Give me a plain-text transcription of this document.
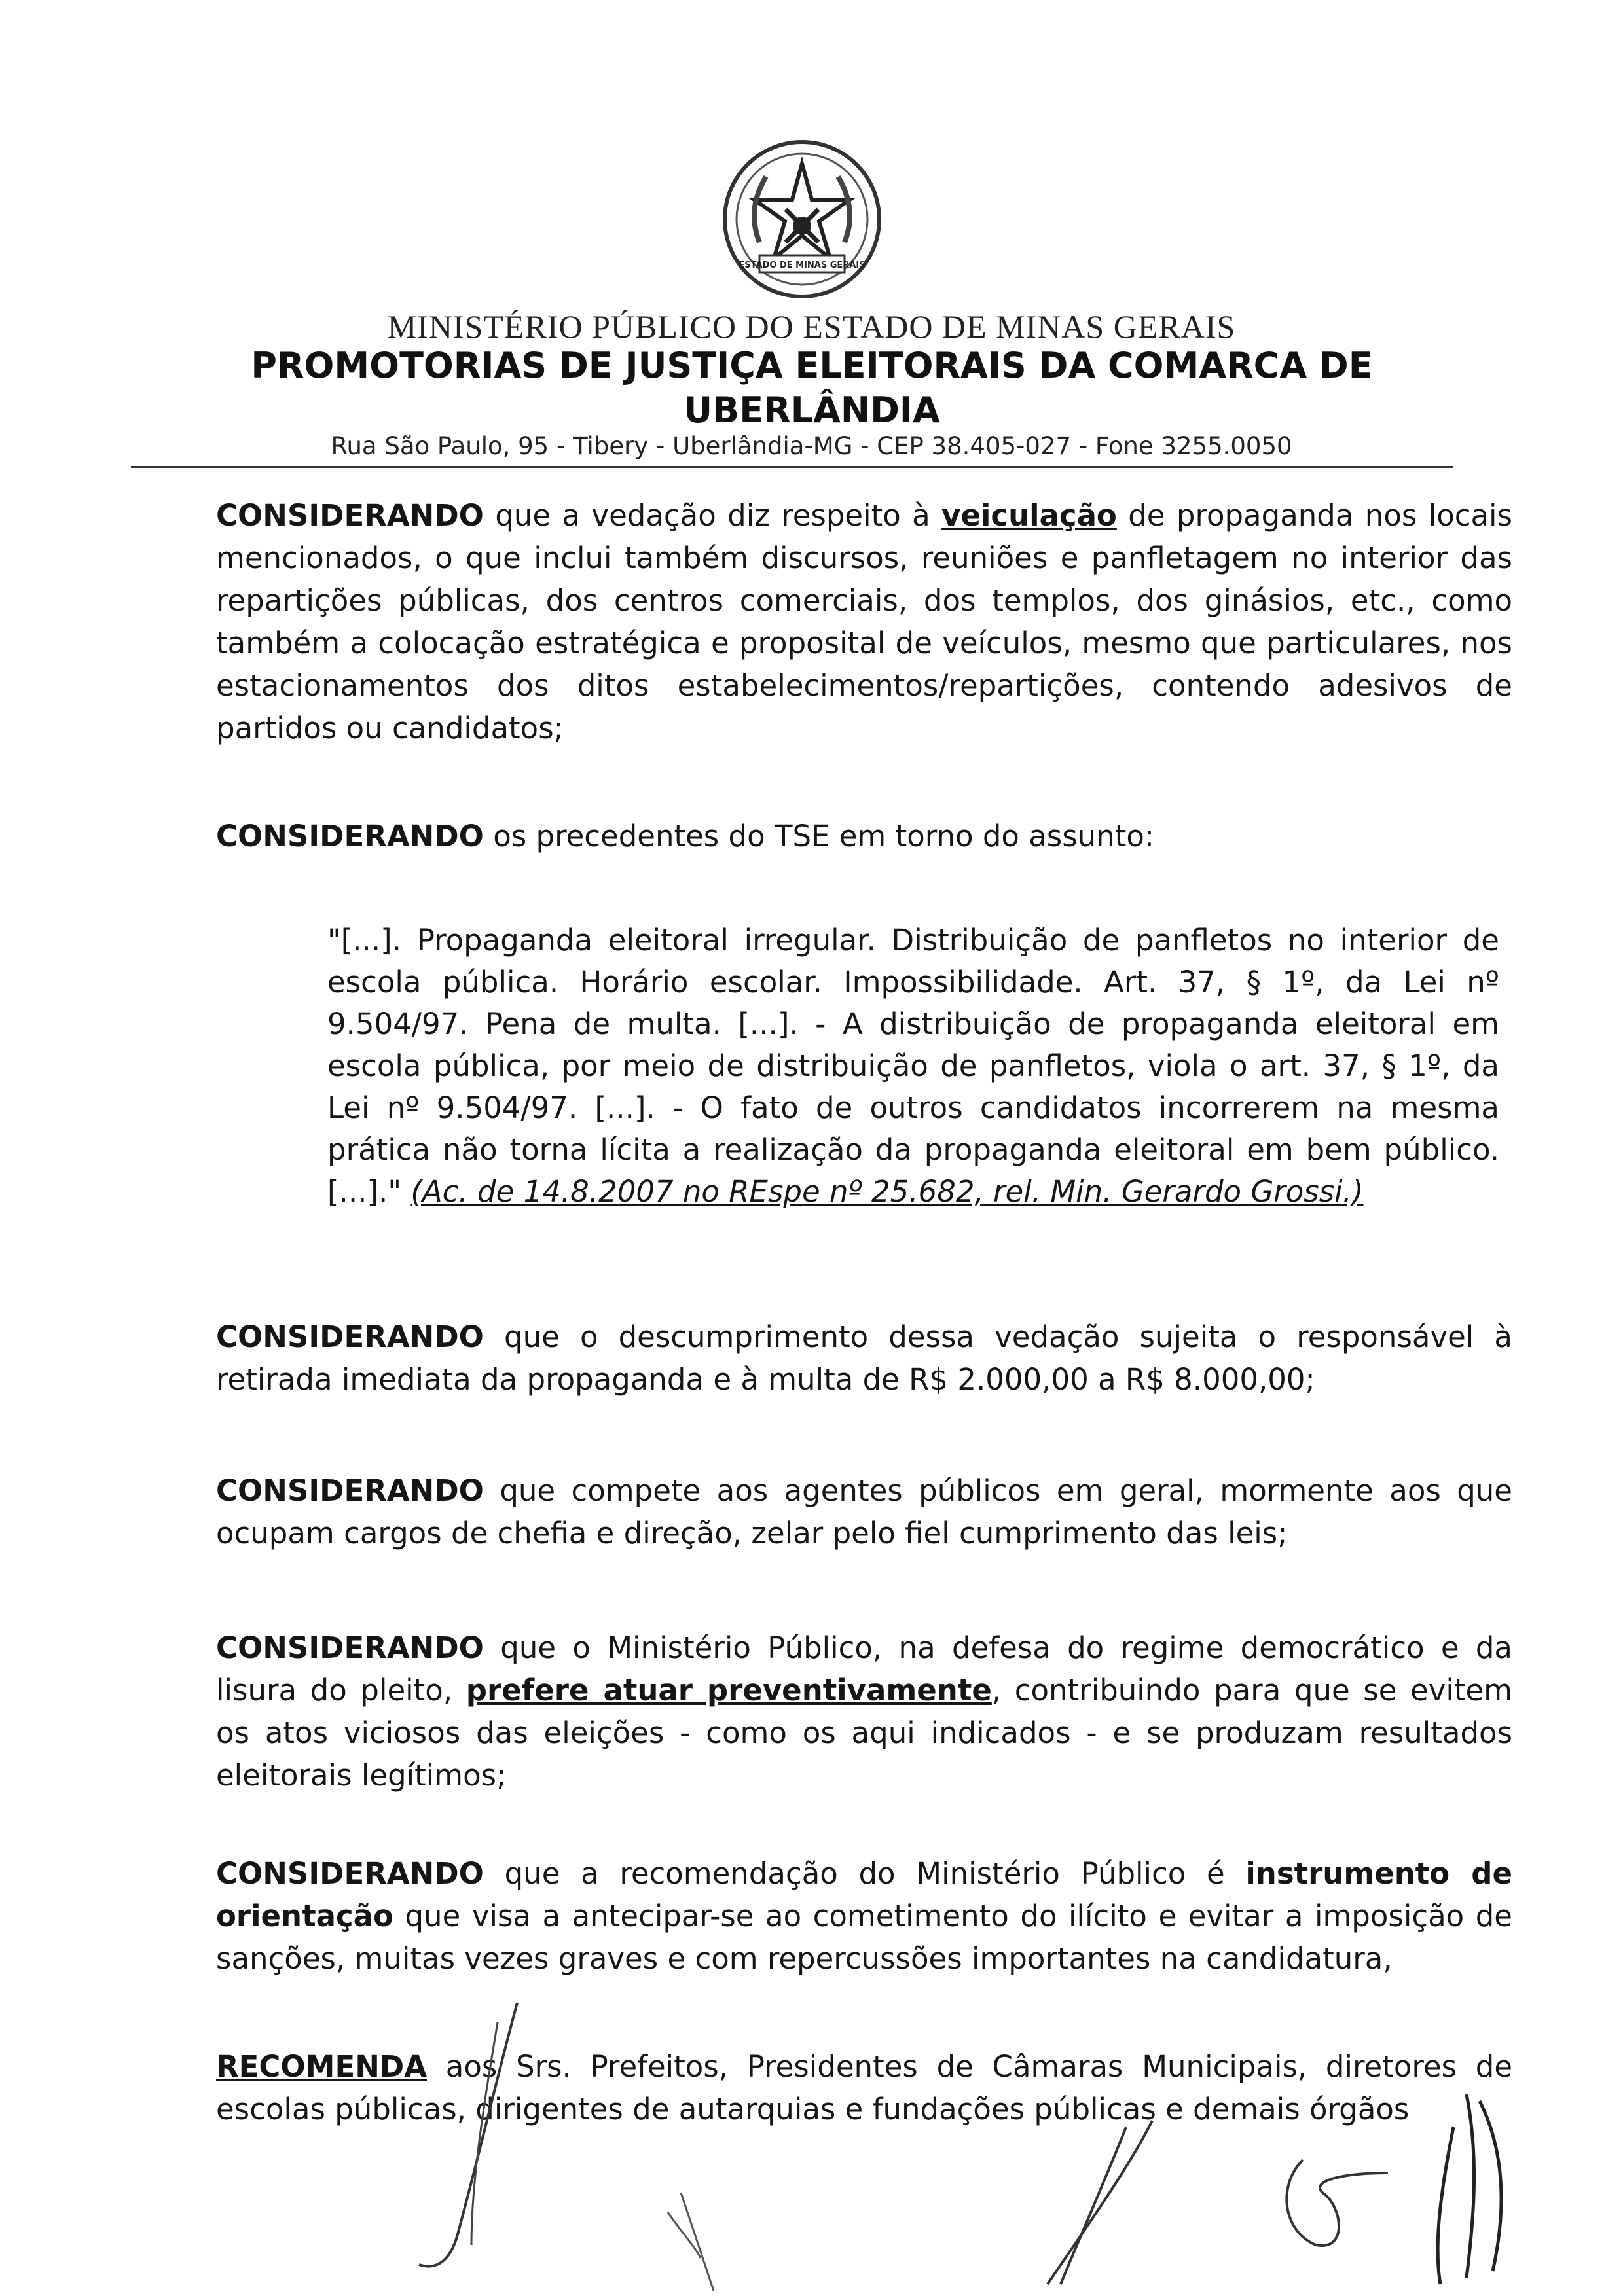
ESTADO DE MINAS GERAIS
MINISTÉRIO PÚBLICO DO ESTADO DE MINAS GERAIS
PROMOTORIAS DE JUSTIÇA ELEITORAIS DA COMARCA DE UBERLÂNDIA
Rua São Paulo, 95 - Tibery - Uberlândia-MG - CEP 38.405-027 - Fone 3255.0050

CONSIDERANDO que a vedação diz respeito à veiculação de propaganda nos locais mencionados, o que inclui também discursos, reuniões e panfletagem no interior das repartições públicas, dos centros comerciais, dos templos, dos ginásios, etc., como também a colocação estratégica e proposital de veículos, mesmo que particulares, nos estacionamentos dos ditos estabelecimentos/repartições, contendo adesivos de partidos ou candidatos;

CONSIDERANDO os precedentes do TSE em torno do assunto:

"[...]. Propaganda eleitoral irregular. Distribuição de panfletos no interior de escola pública. Horário escolar. Impossibilidade. Art. 37, § 1º, da Lei nº 9.504/97. Pena de multa. [...]. - A distribuição de propaganda eleitoral em escola pública, por meio de distribuição de panfletos, viola o art. 37, § 1º, da Lei nº 9.504/97. [...]. - O fato de outros candidatos incorrerem na mesma prática não torna lícita a realização da propaganda eleitoral em bem público. [...]." (Ac. de 14.8.2007 no REspe nº 25.682, rel. Min. Gerardo Grossi.)

CONSIDERANDO que o descumprimento dessa vedação sujeita o responsável à retirada imediata da propaganda e à multa de R$ 2.000,00 a R$ 8.000,00;

CONSIDERANDO que compete aos agentes públicos em geral, mormente aos que ocupam cargos de chefia e direção, zelar pelo fiel cumprimento das leis;

CONSIDERANDO que o Ministério Público, na defesa do regime democrático e da lisura do pleito, prefere atuar preventivamente, contribuindo para que se evitem os atos viciosos das eleições - como os aqui indicados - e se produzam resultados eleitorais legítimos;

CONSIDERANDO que a recomendação do Ministério Público é instrumento de orientação que visa a antecipar-se ao cometimento do ilícito e evitar a imposição de sanções, muitas vezes graves e com repercussões importantes na candidatura,

RECOMENDA aos Srs. Prefeitos, Presidentes de Câmaras Municipais, diretores de escolas públicas, dirigentes de autarquias e fundações públicas e demais órgãos
